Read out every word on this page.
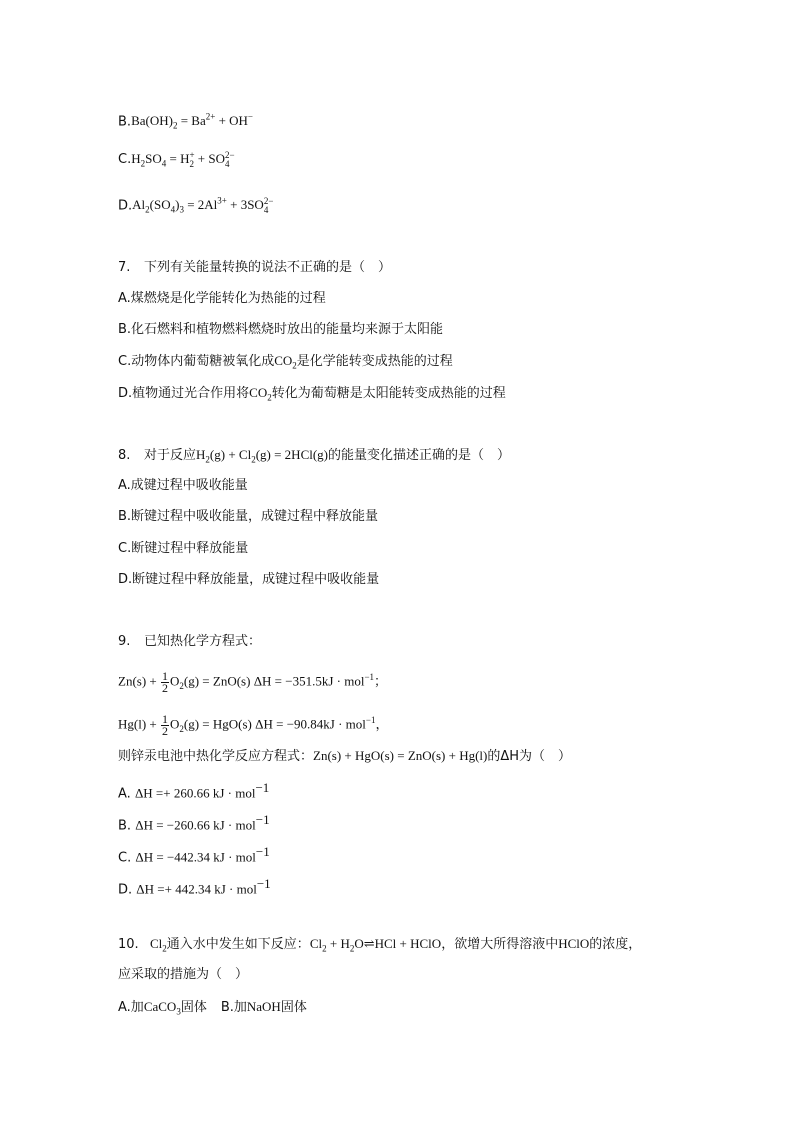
$B.Ba(OH)_2 = Ba^{2+} + OH^-$
$C.H_2SO_4 = H$ +
2 + SO 2−
4
$D.Al_2(SO_4)_3 = 2Al^{3+} + 3SO$ 2−
4
7. 下列有关能量转换的说法不正确的是（　）
A.煤燃烧是化学能转化为热能的过程
B.化石燃料和植物燃料燃烧时放出的能量均来源于太阳能
C.动物体内葡萄糖被氧化成$CO_2$是化学能转变成热能的过程
D.植物通过光合作用将$CO_2$转化为葡萄糖是太阳能转变成热能的过程
8. 对于反应$H_2(g) + Cl_2(g) = 2HCl(g)$的能量变化描述正确的是（　）
A.成键过程中吸收能量
B.断键过程中吸收能量，成键过程中释放能量
C.断键过程中释放能量
D.断键过程中释放能量，成键过程中吸收能量
9. 已知热化学方程式：
$Zn(s) + \frac{1}{2} O_2(g) = ZnO(s) \Delta H = -351.5kJ \cdot mol^{-1}$；
$Hg(l) + \frac{1}{2} O_2(g) = HgO(s) \Delta H = -90.84kJ \cdot mol^{-1}$，
则锌汞电池中热化学反应方程式：Zn(s) + HgO(s) = ZnO(s) + Hg(l)的ΔH为（　）
A. ΔH =+ 260.66 kJ · mol$^{-1}$
B. ΔH = −260.66 kJ · mol$^{-1}$
C. ΔH = −442.34 kJ · mol$^{-1}$
D. ΔH =+ 442.34 kJ · mol$^{-1}$
10. $Cl_2$通入水中发生如下反应：$Cl_2$ + $H_2O\rightleftharpoons HCl$ + HClO，欲增大所得溶液中HClO的浓度，
应采取的措施为（　）
A.加CaCO$_3$固体 B.加NaOH固体
